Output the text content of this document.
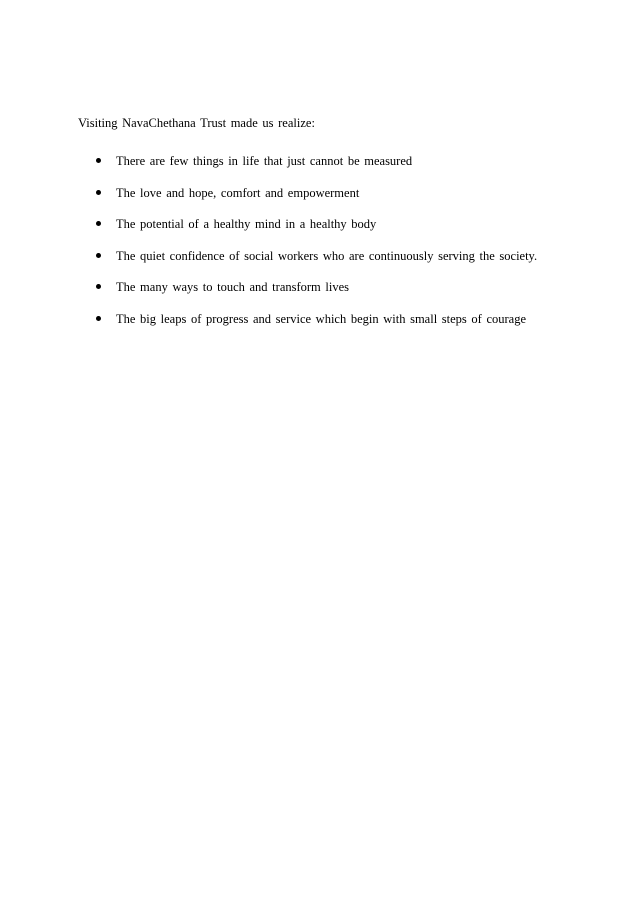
Visiting NavaChethana Trust made us realize:
There are few things in life that just cannot be measured
The love and hope, comfort and empowerment
The potential of a healthy mind in a healthy body
The quiet confidence of social workers who are continuously serving the society.
The many ways to touch and transform lives
The big leaps of progress and service which begin with small steps of courage
